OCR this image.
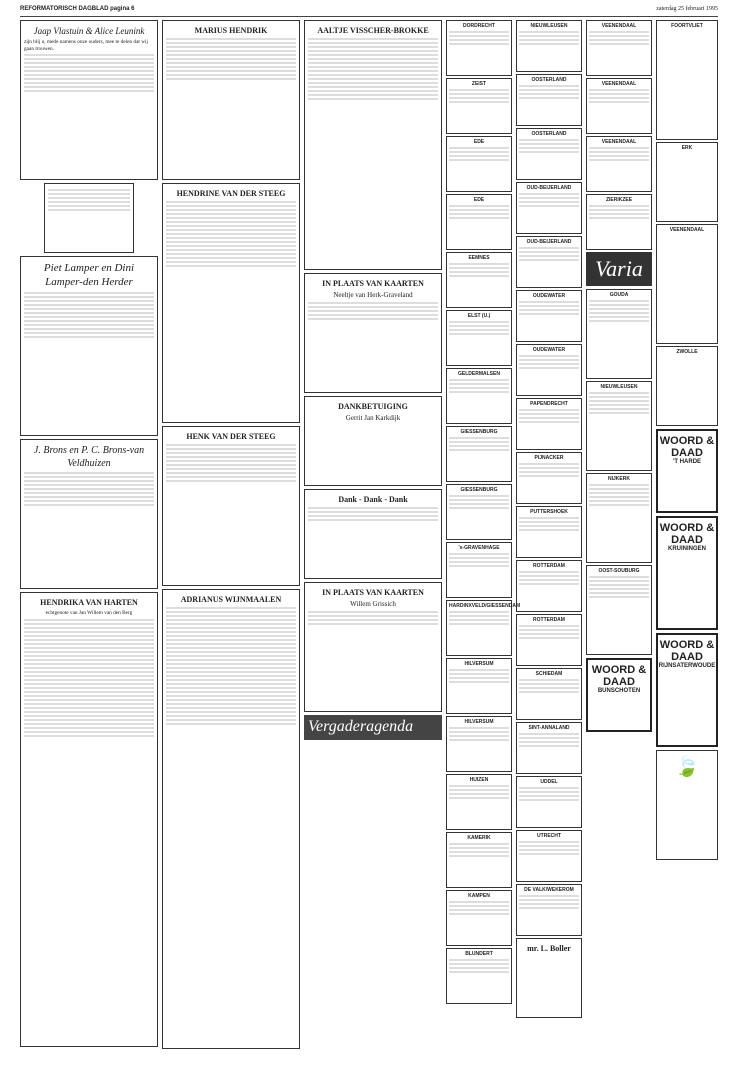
REFORMATORISCH DAGBLAD pagina 6	zaterdag 25 februari 1995
Jaap Vlastuin & Alice Leunink
zijn blij u, mede namens onze ouders, mee te delen dat wij gaan trouwen.
Piet Lamper en Dini Lamper-den Herder
J. Brons en P. C. Brons-van Veldhuizen
HENDRIKA VAN HARTEN
echtgenote van Jan Willem van den Berg
MARIUS HENDRIK
HENDRINE VAN DER STEEG
HENK VAN DER STEEG
ADRIANUS WIJNMAALEN
AALTJE VISSCHER-BROKKE
IN PLAATS VAN KAARTEN
Neeltje van Herk-Graveland
DANKBETUIGING
Gerrit Jan Karkdijk
Dank - Dank - Dank
IN PLAATS VAN KAARTEN
Willem Grissich
Vergaderagenda
DORDRECHT
ZEIST
EDE
EDE
EEMNES
ELST (U.)
GELDERMALSEN
GIESSENBURG
GIESSENBURG
's-GRAVENHAGE
HARDINXVELD/GIESSENDAM
HILVERSUM
HILVERSUM
HUIZEN
KAMERIK
KAMPEN
BLUNDERT
NIEUWLEUSEN
OOSTERLAND
OOSTERLAND
OUD-BEIJERLAND
OUD-BEIJERLAND
OUDEWATER
OUDEWATER
PAPENDRECHT
PIJNACKER
PUTTERSHOEK
ROTTERDAM
ROTTERDAM
SCHIEDAM
SINT-ANNALAND
UDDEL
UTRECHT
DE VALK/WEKEROM
mr. L. Boller
VEENENDAAL
VEENENDAAL
VEENENDAAL
ZIERIKZEE
Varia
GOUDA
NIEUWLEUSEN
NIJKERK
OOST-SOUBURG
WOORD & DAAD
BUNSCHOTEN
FOORTVLIET
ERK
VEENENDAAL
ZWOLLE
WOORD & DAAD
'T HARDE
WOORD & DAAD
KRUININGEN
WOORD & DAAD
RIJNSATERWOUDE
🍃
